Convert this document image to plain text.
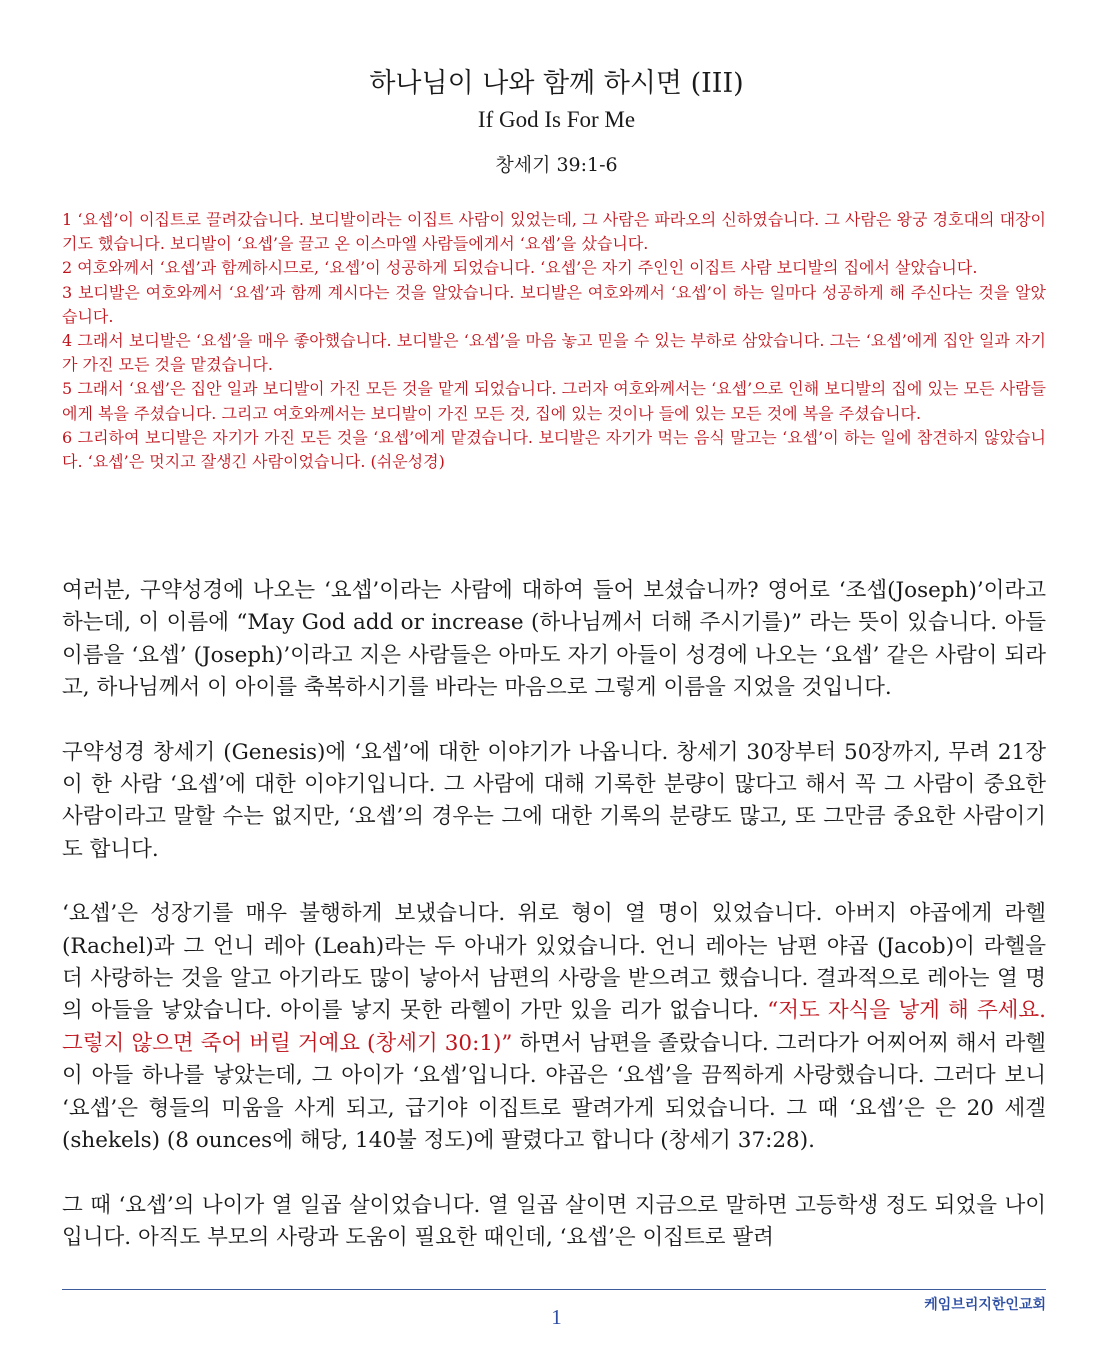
하나님이 나와 함께 하시면 (III)
If God Is For Me
창세기 39:1-6

1 ‘요셉’이 이집트로 끌려갔습니다. 보디발이라는 이집트 사람이 있었는데, 그 사람은 파라오의 신하였습니다. 그 사람은 왕궁 경호대의 대장이기도 했습니다. 보디발이 ‘요셉’을 끌고 온 이스마엘 사람들에게서 ‘요셉’을 샀습니다.

2 여호와께서 ‘요셉’과 함께하시므로, ‘요셉’이 성공하게 되었습니다. ‘요셉’은 자기 주인인 이집트 사람 보디발의 집에서 살았습니다.

3 보디발은 여호와께서 ‘요셉’과 함께 계시다는 것을 알았습니다. 보디발은 여호와께서 ‘요셉’이 하는 일마다 성공하게 해 주신다는 것을 알았습니다.

4 그래서 보디발은 ‘요셉’을 매우 좋아했습니다. 보디발은 ‘요셉’을 마음 놓고 믿을 수 있는 부하로 삼았습니다. 그는 ‘요셉’에게 집안 일과 자기가 가진 모든 것을 맡겼습니다.

5 그래서 ‘요셉’은 집안 일과 보디발이 가진 모든 것을 맡게 되었습니다. 그러자 여호와께서는 ‘요셉’으로 인해 보디발의 집에 있는 모든 사람들에게 복을 주셨습니다. 그리고 여호와께서는 보디발이 가진 모든 것, 집에 있는 것이나 들에 있는 모든 것에 복을 주셨습니다.

6 그리하여 보디발은 자기가 가진 모든 것을 ‘요셉’에게 맡겼습니다. 보디발은 자기가 먹는 음식 말고는 ‘요셉’이 하는 일에 참견하지 않았습니다. ‘요셉’은 멋지고 잘생긴 사람이었습니다. (쉬운성경)

여러분, 구약성경에 나오는 ‘요셉’이라는 사람에 대하여 들어 보셨습니까? 영어로 ‘조셉(Joseph)’이라고 하는데, 이 이름에 “May God add or increase (하나님께서 더해 주시기를)” 라는 뜻이 있습니다. 아들 이름을 ‘요셉’ (Joseph)’이라고 지은 사람들은 아마도 자기 아들이 성경에 나오는 ‘요셉’ 같은 사람이 되라고, 하나님께서 이 아이를 축복하시기를 바라는 마음으로 그렇게 이름을 지었을 것입니다.

구약성경 창세기 (Genesis)에 ‘요셉’에 대한 이야기가 나옵니다. 창세기 30장부터 50장까지, 무려 21장이 한 사람 ‘요셉’에 대한 이야기입니다. 그 사람에 대해 기록한 분량이 많다고 해서 꼭 그 사람이 중요한 사람이라고 말할 수는 없지만, ‘요셉’의 경우는 그에 대한 기록의 분량도 많고, 또 그만큼 중요한 사람이기도 합니다.

‘요셉’은 성장기를 매우 불행하게 보냈습니다. 위로 형이 열 명이 있었습니다. 아버지 야곱에게 라헬 (Rachel)과 그 언니 레아 (Leah)라는 두 아내가 있었습니다. 언니 레아는 남편 야곱 (Jacob)이 라헬을 더 사랑하는 것을 알고 아기라도 많이 낳아서 남편의 사랑을 받으려고 했습니다. 결과적으로 레아는 열 명의 아들을 낳았습니다. 아이를 낳지 못한 라헬이 가만 있을 리가 없습니다. “저도 자식을 낳게 해 주세요. 그렇지 않으면 죽어 버릴 거예요 (창세기 30:1)” 하면서 남편을 졸랐습니다. 그러다가 어찌어찌 해서 라헬이 아들 하나를 낳았는데, 그 아이가 ‘요셉’입니다. 야곱은 ‘요셉’을 끔찍하게 사랑했습니다. 그러다 보니 ‘요셉’은 형들의 미움을 사게 되고, 급기야 이집트로 팔려가게 되었습니다. 그 때 ‘요셉’은 은 20 세겔 (shekels) (8 ounces에 해당, 140불 정도)에 팔렸다고 합니다 (창세기 37:28).

그 때 ‘요셉’의 나이가 열 일곱 살이었습니다. 열 일곱 살이면 지금으로 말하면 고등학생 정도 되었을 나이입니다. 아직도 부모의 사랑과 도움이 필요한 때인데, ‘요셉’은 이집트로 팔려

케임브리지한인교회
1
